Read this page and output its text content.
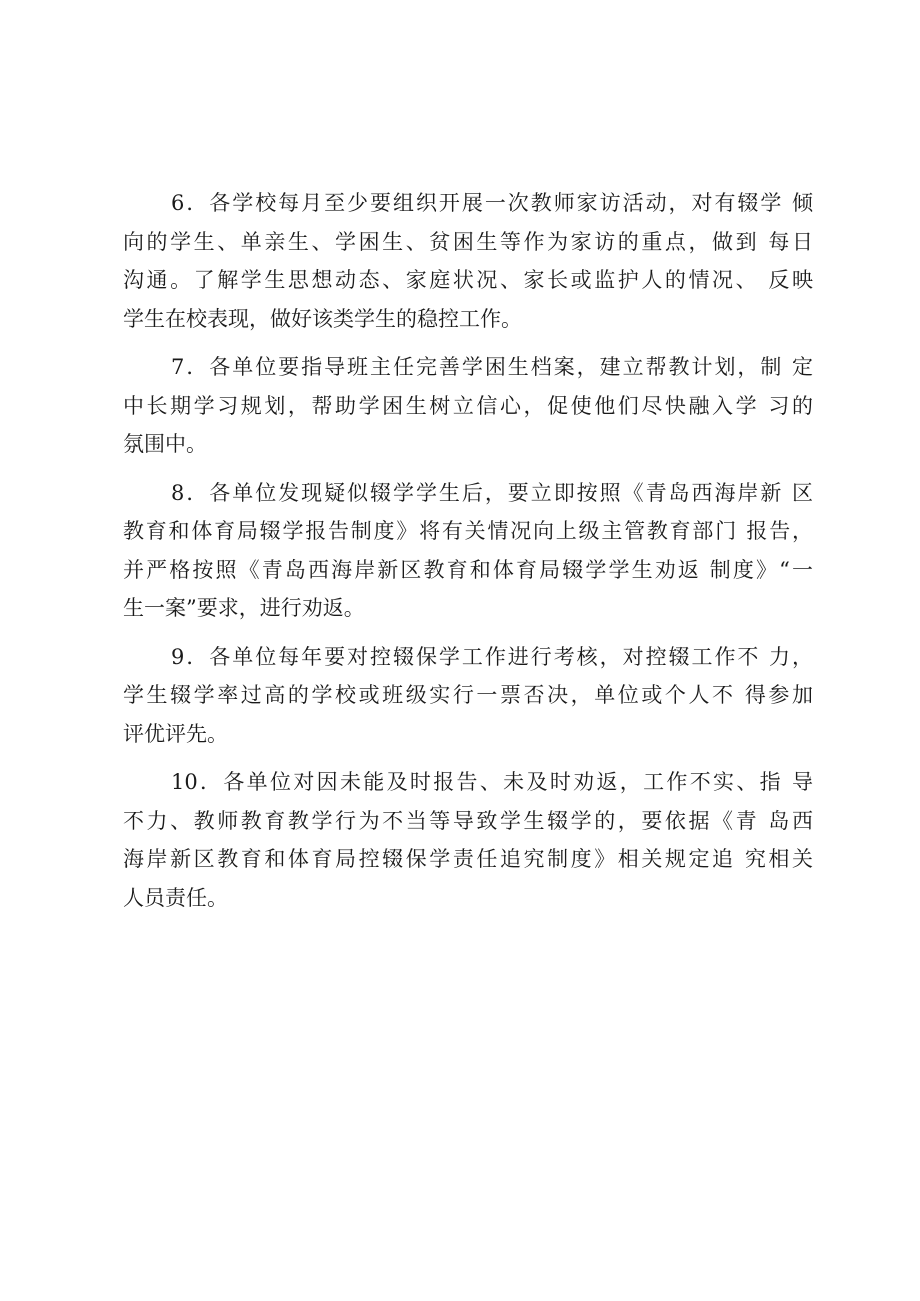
6．各学校每月至少要组织开展一次教师家访活动，对有辍学 倾
向的学生、单亲生、学困生、贫困生等作为家访的重点，做到 每日
沟通。了解学生思想动态、家庭状况、家长或监护人的情况、 反映
学生在校表现，做好该类学生的稳控工作。
7．各单位要指导班主任完善学困生档案，建立帮教计划，制 定
中长期学习规划，帮助学困生树立信心，促使他们尽快融入学 习的
氛围中。
8．各单位发现疑似辍学学生后，要立即按照《青岛西海岸新 区
教育和体育局辍学报告制度》将有关情况向上级主管教育部门 报告，
并严格按照《青岛西海岸新区教育和体育局辍学学生劝返 制度》“一
生一案”要求，进行劝返。
9．各单位每年要对控辍保学工作进行考核，对控辍工作不 力，
学生辍学率过高的学校或班级实行一票否决，单位或个人不 得参加
评优评先。
10．各单位对因未能及时报告、未及时劝返，工作不实、指 导
不力、教师教育教学行为不当等导致学生辍学的，要依据《青 岛西
海岸新区教育和体育局控辍保学责任追究制度》相关规定追 究相关
人员责任。
